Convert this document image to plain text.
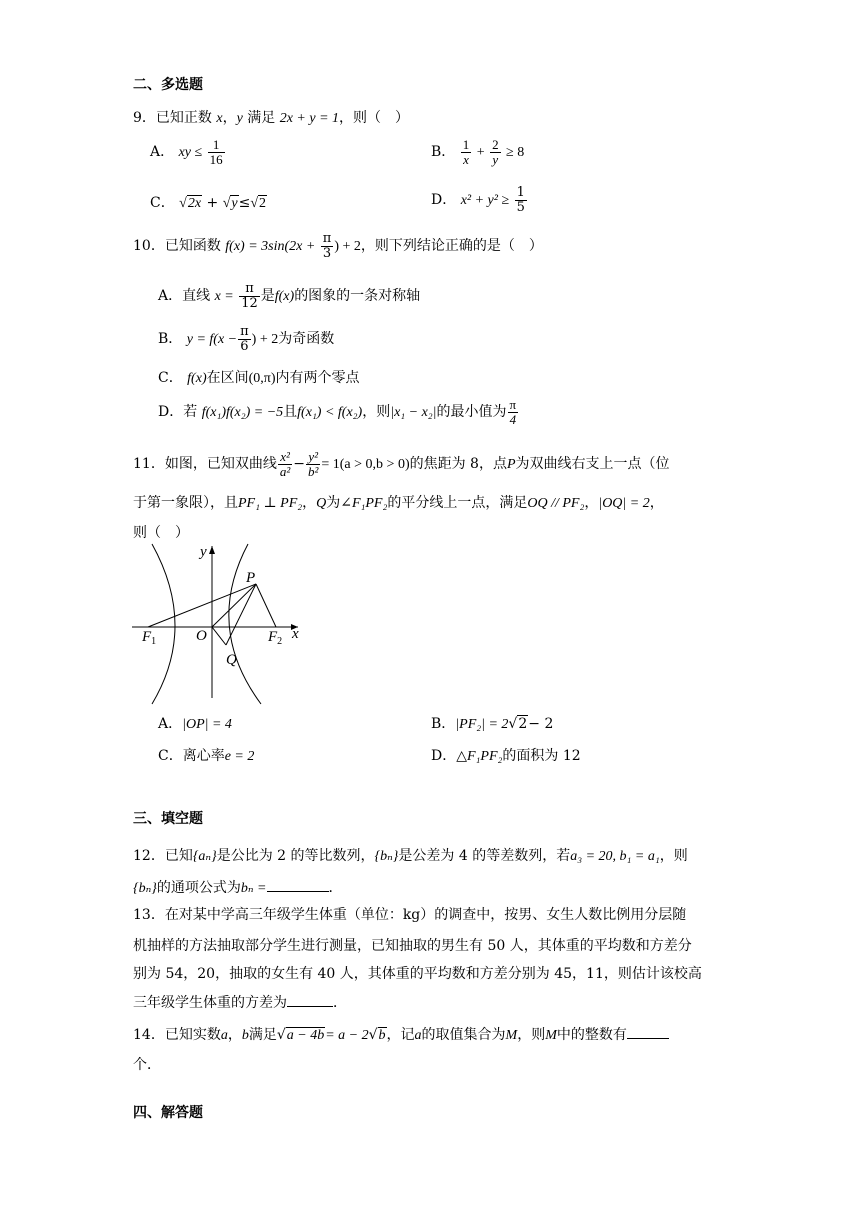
二、多选题
9．已知正数 x，y 满足 2x + y = 1，则（　）
A． xy ≤ $\frac{1}{16}$	B． $\frac{1}{x} + \frac{2}{y} \ge 8$
C． √2x + √y≤√2	D． $x^2 + y^2 \ge \frac{1}{5}$
10．已知函数 $f(x) = 3\sin(2x + \frac{\pi}{3}$ ) + 2，则下列结论正确的是（　）
A．直线 $x = \frac{\pi}{12}$ 是f(x)的图象的一条对称轴
B． $y = f(x - \frac{\pi}{6}$ ) + 2为奇函数
C． f(x)在区间(0,π)内有两个零点
D．若 f(x₁)f(x₂) = −5且f(x₁) < f(x₂)，则|x₁ − x₂|的最小值为 $\frac{\pi}{4}$
11．如图，已知双曲线 $\frac{\text{x²}}{\text{a²}} - \frac{\text{y²}}{\text{b²}} = 1(a > 0,b > 0)$的焦距为 8，点P为双曲线右支上一点（位
于第一象限），且PF₁ ⊥ PF₂，Q为∠F₁PF₂的平分线上一点，满足OQ // PF₂，|OQ| = 2，
则（　）
y
x
P
O
Q
$F_1$	$F_2$
A．|OP| = 4	B．|PF₂| = 2√2− 2
C．离心率e = 2	D．△F₁PF₂的面积为 12
三、填空题
12．已知{aₙ}是公比为 2 的等比数列，{bₙ}是公差为 4 的等差数列，若a₃ = 20, b₁ = a₁，则
{bₙ}的通项公式为bₙ =	．
13．在对某中学高三年级学生体重（单位：kg）的调查中，按男、女生人数比例用分层随
机抽样的方法抽取部分学生进行测量，已知抽取的男生有 50 人，其体重的平均数和方差分
别为 54，20，抽取的女生有 40 人，其体重的平均数和方差分别为 45，11，则估计该校高
三年级学生体重的方差为	．
14．已知实数a，b满足√a − 4b= a − 2√b，记a的取值集合为M，则M中的整数有
个．
四、解答题
